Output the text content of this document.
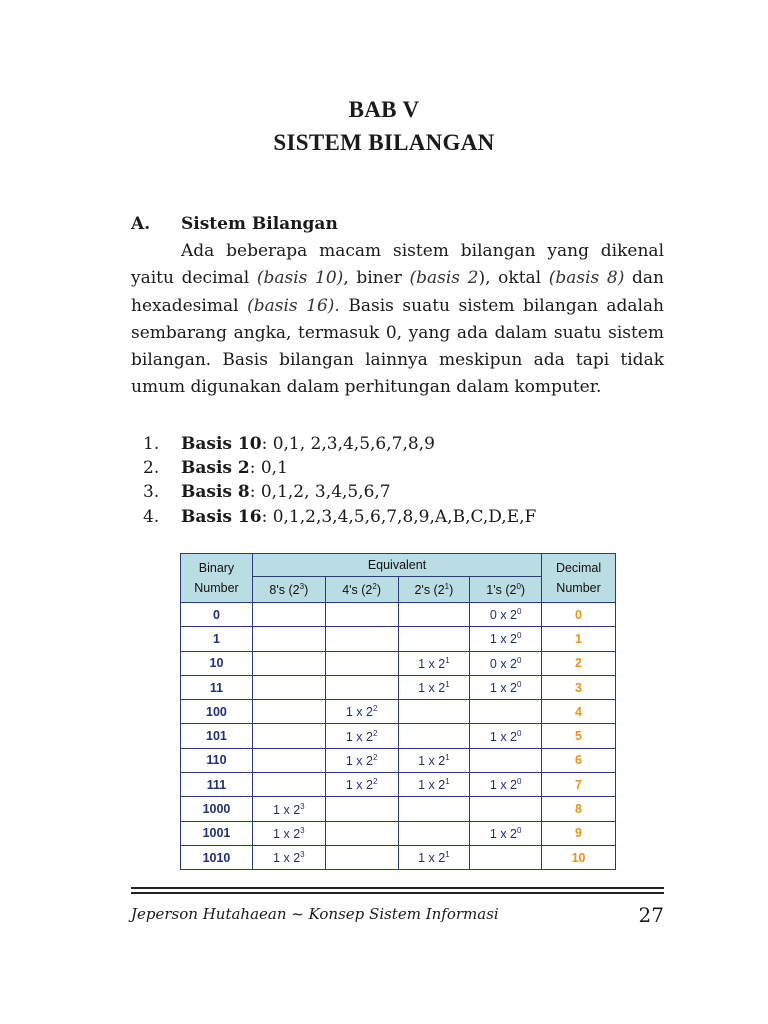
BAB V
SISTEM BILANGAN
A. Sistem Bilangan

Ada beberapa macam sistem bilangan yang dikenal yaitu decimal (basis 10), biner (basis 2), oktal (basis 8) dan hexadesimal (basis 16). Basis suatu sistem bilangan adalah sembarang angka, termasuk 0, yang ada dalam suatu sistem bilangan. Basis bilangan lainnya meskipun ada tapi tidak umum digunakan dalam perhitungan dalam komputer.

1.	Basis 10: 0,1, 2,3,4,5,6,7,8,9
2.	Basis 2: 0,1
3.	Basis 8: 0,1,2, 3,4,5,6,7
4.	Basis 16: 0,1,2,3,4,5,6,7,8,9,A,B,C,D,E,F
Binary Number	Equivalent				Decimal Number
	8's $(2^3)$	4's $(2^2)$	2's $(2^1)$	1's $(2^0)$	
0				0 x $2^0$	0
1				1 x $2^0$	1
10			1 x $2^1$	0 x $2^0$	2
11			1 x $2^1$	1 x $2^0$	3
100		1 x $2^2$			4
101		1 x $2^2$		1 x $2^0$	5
110		1 x $2^2$	1 x $2^1$		6
111		1 x $2^2$	1 x $2^1$	1 x $2^0$	7
1000	1 x $2^3$				8
1001	1 x $2^3$			1 x $2^0$	9
1010	1 x $2^3$		1 x $2^1$		10
Jeperson Hutahaean ~ Konsep Sistem Informasi	27
